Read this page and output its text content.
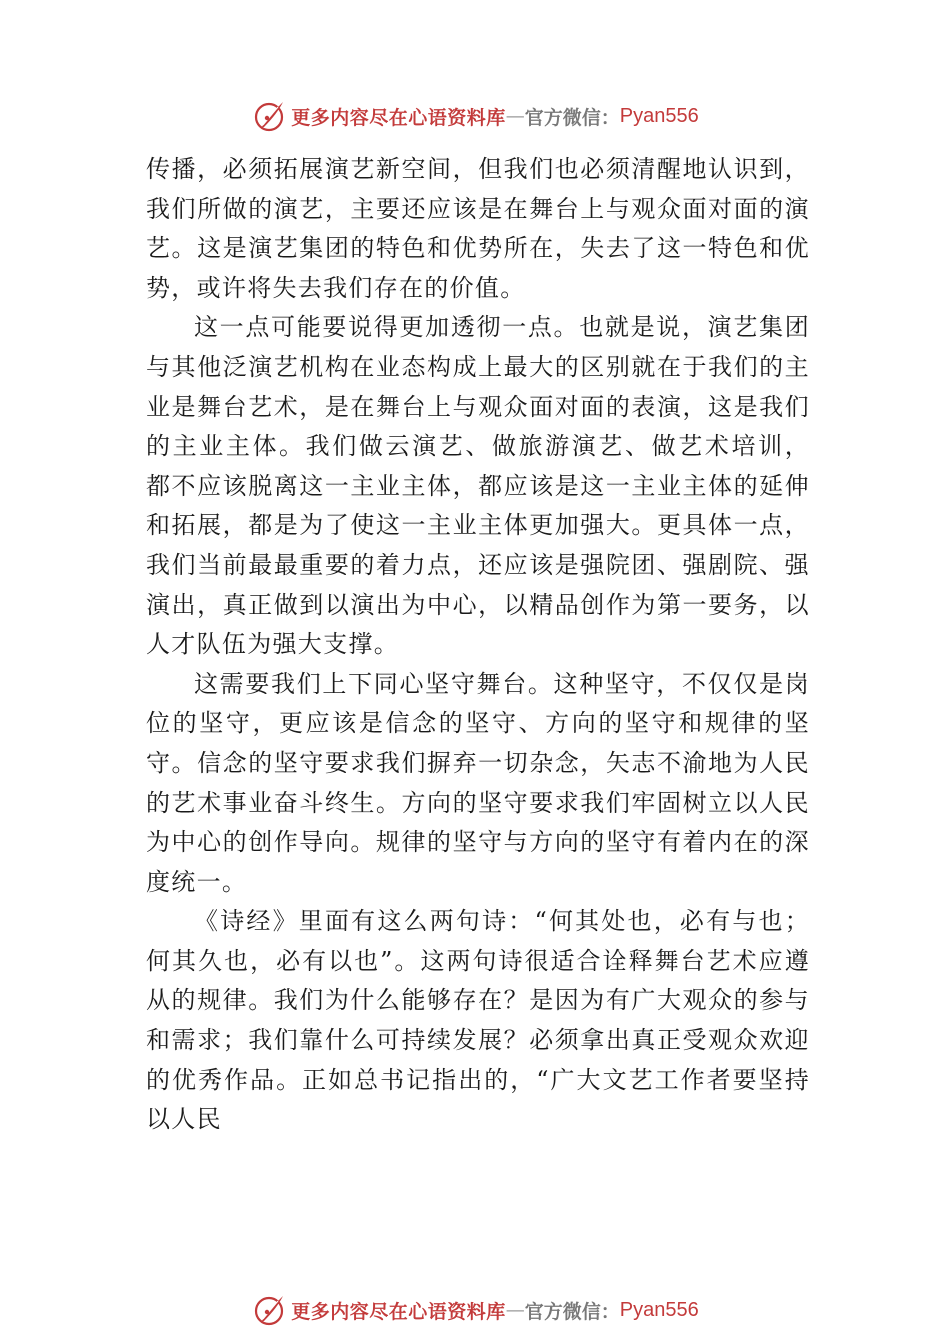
更多内容尽在心语资料库 — 官方微信： Pyan556

传播，必须拓展演艺新空间，但我们也必须清醒地认识到， 我们所做的演艺，主要还应该是在舞台上与观众面对面的演艺。这是演艺集团的特色和优势所在，失去了这一特色和优势，或许将失去我们存在的价值。

这一点可能要说得更加透彻一点。也就是说，演艺集团与其他泛演艺机构在业态构成上最大的区别就在于我们的主业是舞台艺术，是在舞台上与观众面对面的表演，这是我们的主业主体。我们做云演艺、做旅游演艺、做艺术培训， 都不应该脱离这一主业主体，都应该是这一主业主体的延伸和拓展，都是为了使这一主业主体更加强大。更具体一点， 我们当前最最重要的着力点，还应该是强院团、强剧院、强演出，真正做到以演出为中心，以精品创作为第一要务，以人才队伍为强大支撑。

这需要我们上下同心坚守舞台。这种坚守，不仅仅是岗位的坚守，更应该是信念的坚守、方向的坚守和规律的坚守。信念的坚守要求我们摒弃一切杂念，矢志不渝地为人民的艺术事业奋斗终生。方向的坚守要求我们牢固树立以人民为中心的创作导向。规律的坚守与方向的坚守有着内在的深度统一。

《诗经》里面有这么两句诗：“何其处也，必有与也；何其久也，必有以也”。这两句诗很适合诠释舞台艺术应遵从的规律。我们为什么能够存在？是因为有广大观众的参与和需求；我们靠什么可持续发展？必须拿出真正受观众欢迎的优秀作品。正如总书记指出的，“广大文艺工作者要坚持以人民

更多内容尽在心语资料库 — 官方微信： Pyan556
